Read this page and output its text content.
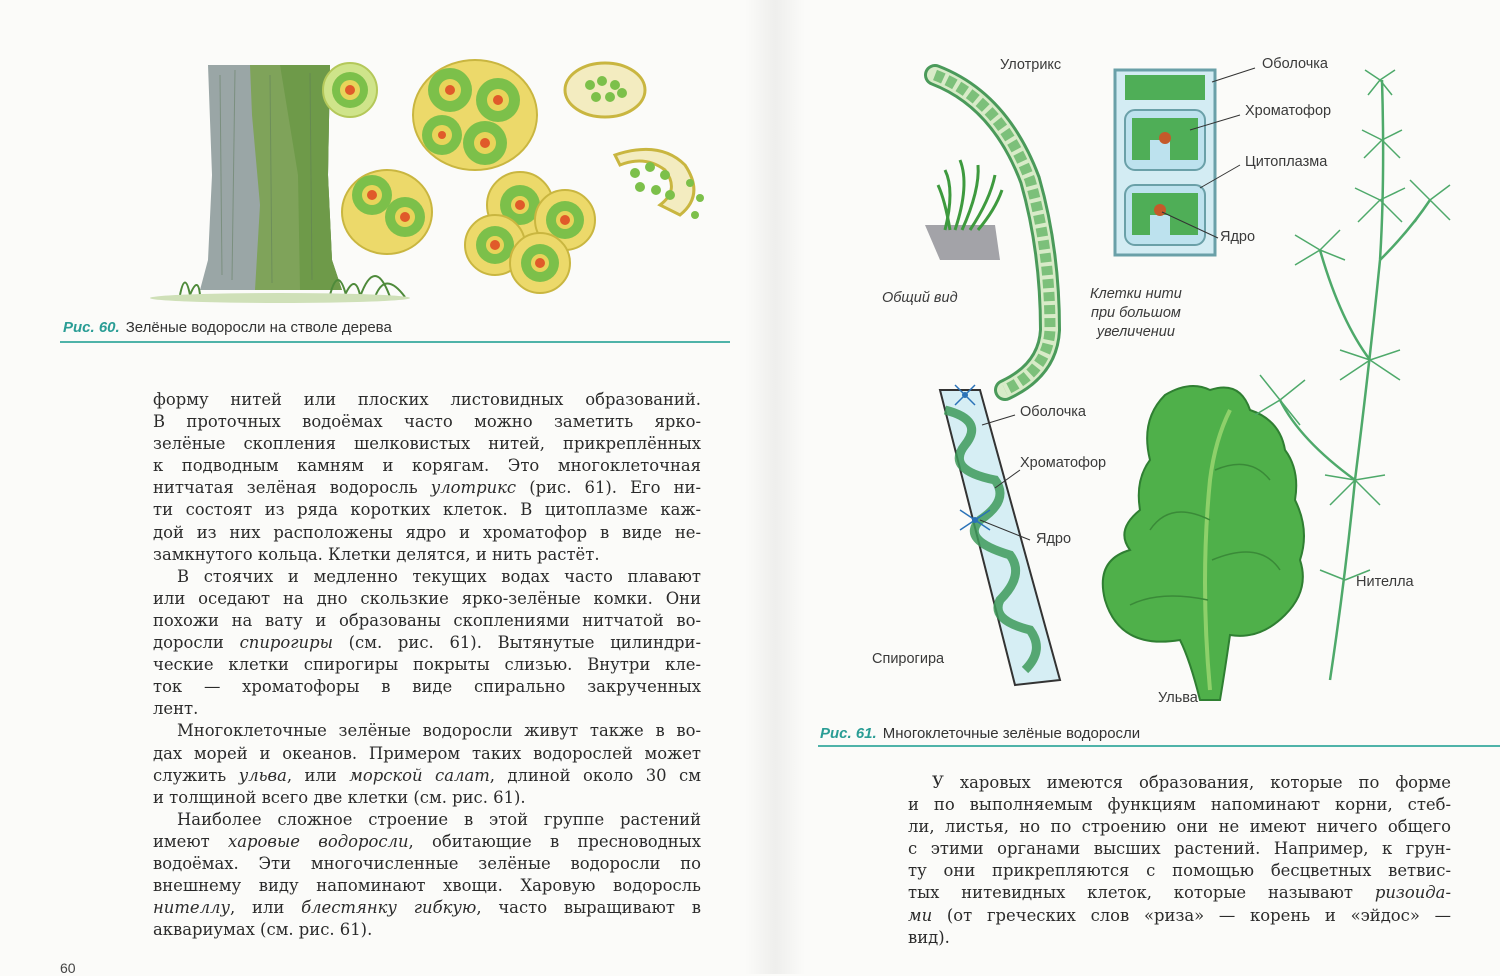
Рис. 60. Зелёные водоросли на стволе дерева

форму нитей или плоских листовидных образований.
В проточных водоёмах часто можно заметить ярко-
зелёные скопления шелковистых нитей, прикреплённых
к подводным камням и корягам. Это многоклеточная
нитчатая зелёная водоросль улотрикс (рис. 61). Его ни-
ти состоят из ряда коротких клеток. В цитоплазме каж-
дой из них расположены ядро и хроматофор в виде не-
замкнутого кольца. Клетки делятся, и нить растёт.

В стоячих и медленно текущих водах часто плавают
или оседают на дно скользкие ярко-зелёные комки. Они
похожи на вату и образованы скоплениями нитчатой во-
доросли спирогиры (см. рис. 61). Вытянутые цилиндри-
ческие клетки спирогиры покрыты слизью. Внутри кле-
ток — хроматофоры в виде спирально закрученных
лент.

Многоклеточные зелёные водоросли живут также в во-
дах морей и океанов. Примером таких водорослей может
служить ульва, или морской салат, длиной около 30 см
и толщиной всего две клетки (см. рис. 61).

Наиболее сложное строение в этой группе растений
имеют харовые водоросли, обитающие в пресноводных
водоёмах. Эти многочисленные зелёные водоросли по
внешнему виду напоминают хвощи. Харовую водоросль
нителлу, или блестянку гибкую, часто выращивают в
аквариумах (см. рис. 61).

Улотрикс
Общий вид	Клетки нити
при большом
увеличении
Оболочка
Хроматофор
Цитоплазма
Ядро
Оболочка
Хроматофор
Ядро
Спирогира
Ульва
Нителла
Рис. 61. Многоклеточные зелёные водоросли

У харовых имеются образования, которые по форме
и по выполняемым функциям напоминают корни, стеб-
ли, листья, но по строению они не имеют ничего общего
с этими органами высших растений. Например, к грун-
ту они прикрепляются с помощью бесцветных ветвис-
тых нитевидных клеток, которые называют ризоида-
ми (от греческих слов «риза» — корень и «эйдос» —
вид).

60
